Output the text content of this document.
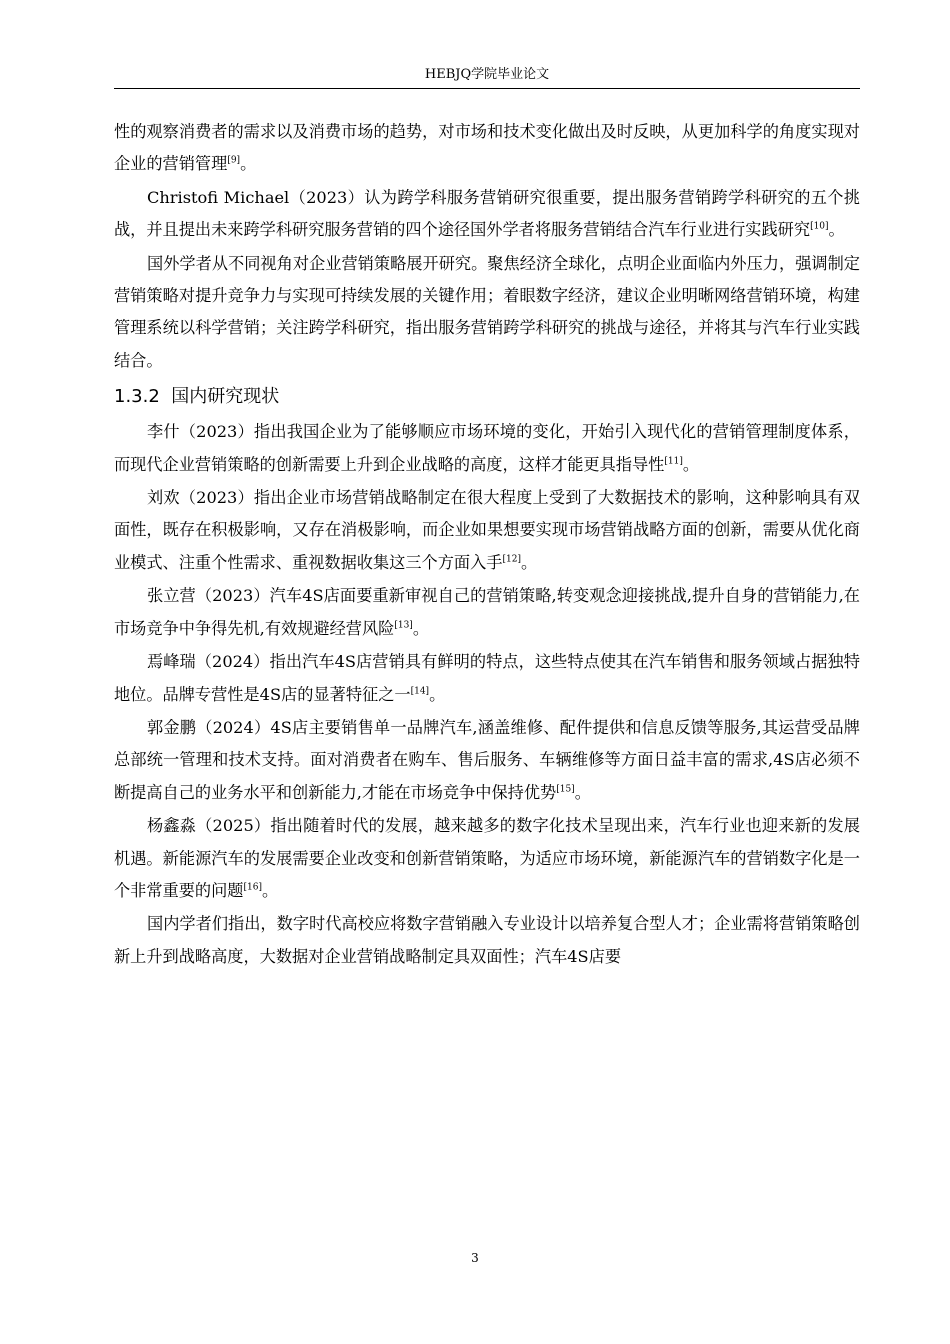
HEBJQ学院毕业论文

性的观察消费者的需求以及消费市场的趋势，对市场和技术变化做出及时反映，从更加科学的角度实现对企业的营销管理[9]。

Christofi Michael（2023）认为跨学科服务营销研究很重要，提出服务营销跨学科研究的五个挑战，并且提出未来跨学科研究服务营销的四个途径国外学者将服务营销结合汽车行业进行实践研究[10]。

国外学者从不同视角对企业营销策略展开研究。聚焦经济全球化，点明企业面临内外压力，强调制定营销策略对提升竞争力与实现可持续发展的关键作用；着眼数字经济，建议企业明晰网络营销环境，构建管理系统以科学营销；关注跨学科研究，指出服务营销跨学科研究的挑战与途径，并将其与汽车行业实践结合。

1.3.2 国内研究现状

李什（2023）指出我国企业为了能够顺应市场环境的变化，开始引入现代化的营销管理制度体系，而现代企业营销策略的创新需要上升到企业战略的高度，这样才能更具指导性[11]。

刘欢（2023）指出企业市场营销战略制定在很大程度上受到了大数据技术的影响，这种影响具有双面性，既存在积极影响，又存在消极影响，而企业如果想要实现市场营销战略方面的创新，需要从优化商业模式、注重个性需求、重视数据收集这三个方面入手[12]。

张立营（2023）汽车4S店面要重新审视自己的营销策略,转变观念迎接挑战,提升自身的营销能力,在市场竞争中争得先机,有效规避经营风险[13]。

焉峰瑞（2024）指出汽车4S店营销具有鲜明的特点，这些特点使其在汽车销售和服务领域占据独特地位。品牌专营性是4S店的显著特征之一[14]。

郭金鹏（2024）4S店主要销售单一品牌汽车,涵盖维修、配件提供和信息反馈等服务,其运营受品牌总部统一管理和技术支持。面对消费者在购车、售后服务、车辆维修等方面日益丰富的需求,4S店必须不断提高自己的业务水平和创新能力,才能在市场竞争中保持优势[15]。

杨鑫淼（2025）指出随着时代的发展，越来越多的数字化技术呈现出来，汽车行业也迎来新的发展机遇。新能源汽车的发展需要企业改变和创新营销策略，为适应市场环境，新能源汽车的营销数字化是一个非常重要的问题[16]。

国内学者们指出，数字时代高校应将数字营销融入专业设计以培养复合型人才；企业需将营销策略创新上升到战略高度，大数据对企业营销战略制定具双面性；汽车4S店要

3
